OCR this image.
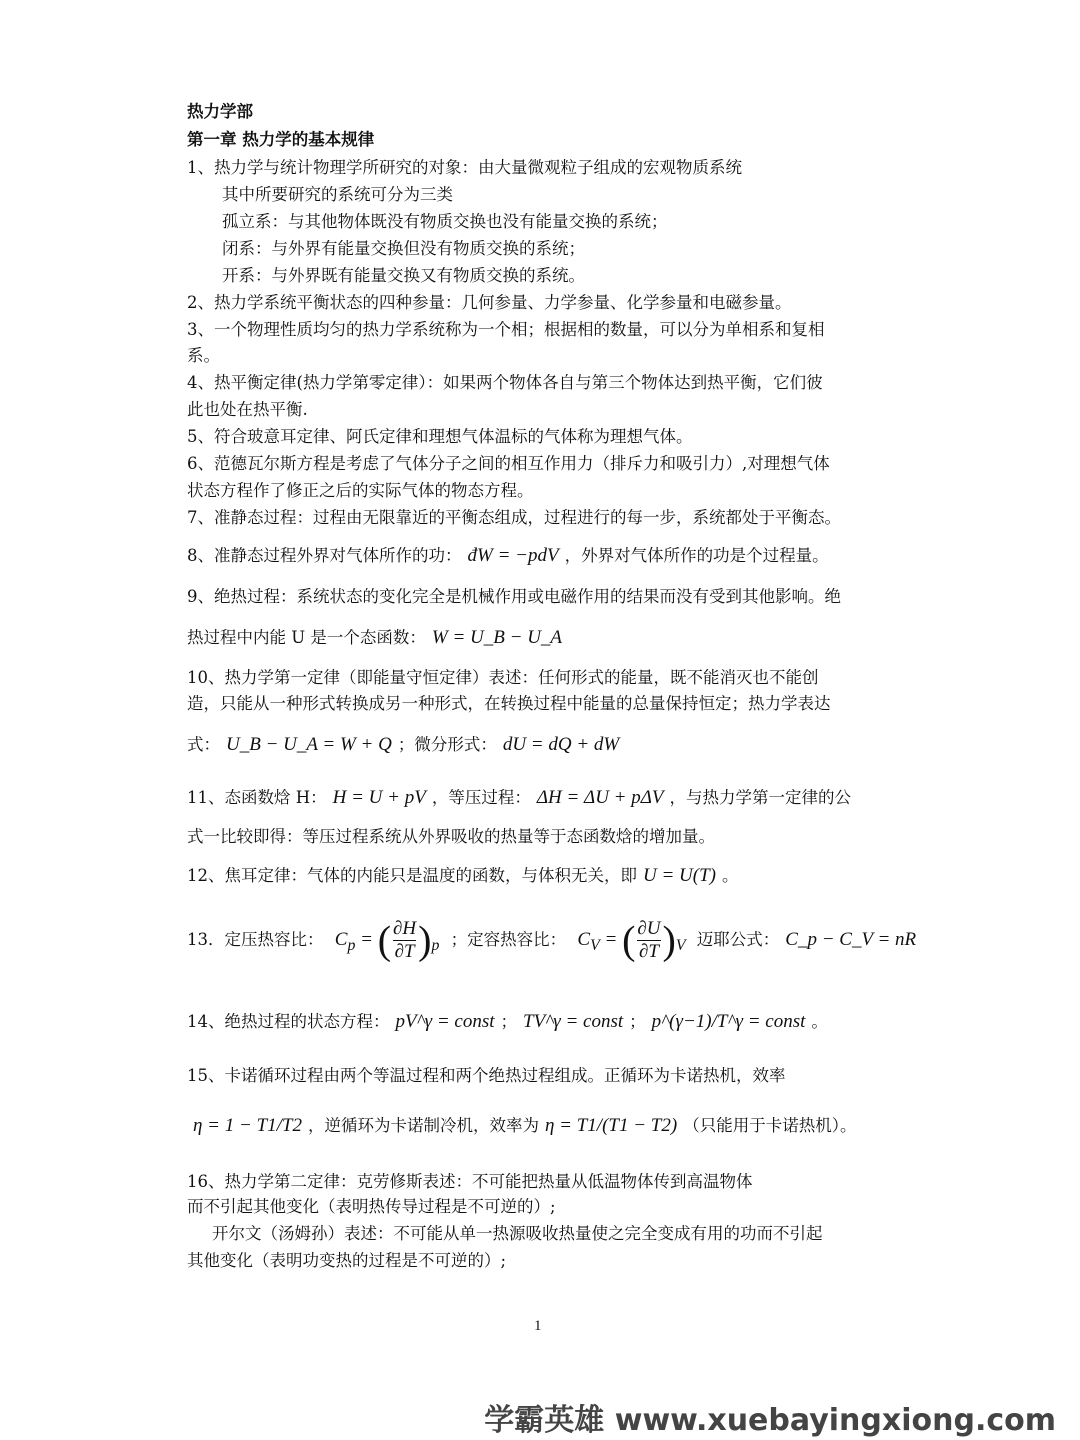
热力学部
第一章 热力学的基本规律
1、热力学与统计物理学所研究的对象：由大量微观粒子组成的宏观物质系统
其中所要研究的系统可分为三类
孤立系：与其他物体既没有物质交换也没有能量交换的系统；
闭系：与外界有能量交换但没有物质交换的系统；
开系：与外界既有能量交换又有物质交换的系统。
2、热力学系统平衡状态的四种参量：几何参量、力学参量、化学参量和电磁参量。
3、一个物理性质均匀的热力学系统称为一个相；根据相的数量，可以分为单相系和复相
系。
4、热平衡定律(热力学第零定律）：如果两个物体各自与第三个物体达到热平衡，它们彼
此也处在热平衡.
5、符合玻意耳定律、阿氏定律和理想气体温标的气体称为理想气体。
6、范德瓦尔斯方程是考虑了气体分子之间的相互作用力（排斥力和吸引力）,对理想气体
状态方程作了修正之后的实际气体的物态方程。
7、准静态过程：过程由无限靠近的平衡态组成，过程进行的每一步，系统都处于平衡态。
8、准静态过程外界对气体所作的功： đW = −pdV ，外界对气体所作的功是个过程量。
9、绝热过程：系统状态的变化完全是机械作用或电磁作用的结果而没有受到其他影响。绝
热过程中内能 U 是一个态函数： W = U_B − U_A
10、热力学第一定律（即能量守恒定律）表述：任何形式的能量，既不能消灭也不能创
造，只能从一种形式转换成另一种形式，在转换过程中能量的总量保持恒定；热力学表达
式： U_B − U_A = W + Q ；微分形式： dU = dQ + dW
11、态函数焓 H： H = U + pV ，等压过程： ΔH = ΔU + pΔV ，与热力学第一定律的公
式一比较即得：等压过程系统从外界吸收的热量等于态函数焓的增加量。
12、焦耳定律：气体的内能只是温度的函数，与体积无关，即 U = U(T) 。
13．定压热容比： $C_p$ = ( $\frac{\partial H}{\partial T} )_p$ ；定容热容比： $C_V$ = ( $\frac{\partial U}{\partial T} )_V$ 迈耶公式： C_p − C_V = nR
14、绝热过程的状态方程： pV^γ = const ； TV^γ = const ； p^(γ−1)/T^γ = const 。
15、卡诺循环过程由两个等温过程和两个绝热过程组成。正循环为卡诺热机，效率
η = 1 − T1/T2 ，逆循环为卡诺制冷机，效率为 η = T1/(T1 − T2) （只能用于卡诺热机）。
16、热力学第二定律：克劳修斯表述：不可能把热量从低温物体传到高温物体
而不引起其他变化（表明热传导过程是不可逆的）;
开尔文（汤姆孙）表述：不可能从单一热源吸收热量使之完全变成有用的功而不引起
其他变化（表明功变热的过程是不可逆的）;
1
学霸英雄 www.xuebayingxiong.com
